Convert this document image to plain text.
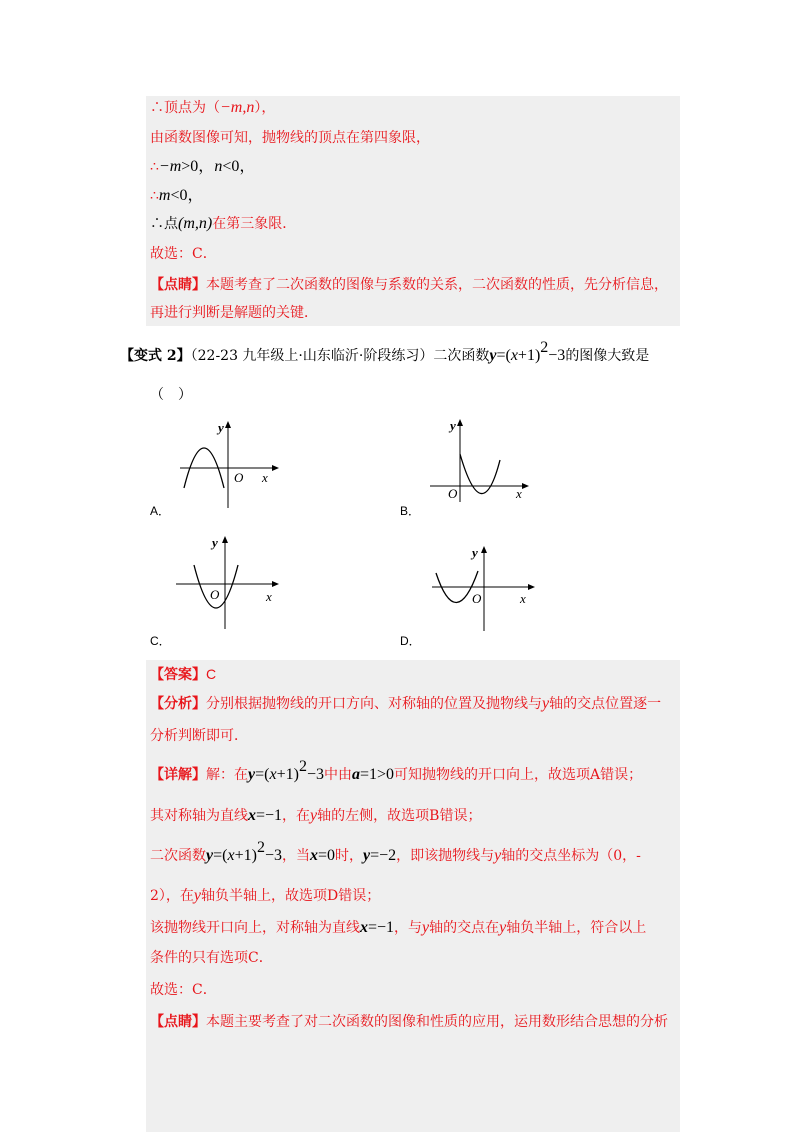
∴顶点为（−m,n），
由函数图像可知，抛物线的顶点在第四象限，
∴−m>0，n<0，
∴m<0，
∴点(m,n)在第三象限．
故选：C．
【点睛】本题考查了二次函数的图像与系数的关系，二次函数的性质，先分析信息，
再进行判断是解题的关键．
【变式 2】（22-23 九年级上·山东临沂·阶段练习）二次函数$y=(x+1)^2-3$的图像大致是
（　）
x
y
O
A．
x
y
O
B．
x
y
O
C．
x
y
O
D．
【答案】C
【分析】分别根据抛物线的开口方向、对称轴的位置及抛物线与y轴的交点位置逐一
分析判断即可．
【详解】解：在$y=(x+1)^2-3$中由a=1>0可知抛物线的开口向上，故选项A错误；
其对称轴为直线x=−1，在y轴的左侧，故选项B错误；
二次函数$y=(x+1)^2-3$，当x=0时，y=−2，即该抛物线与y轴的交点坐标为（0，-
2），在y轴负半轴上，故选项D错误；
该抛物线开口向上，对称轴为直线x=−1，与y轴的交点在y轴负半轴上，符合以上
条件的只有选项C．
故选：C．
【点睛】本题主要考查了对二次函数的图像和性质的应用，运用数形结合思想的分析
